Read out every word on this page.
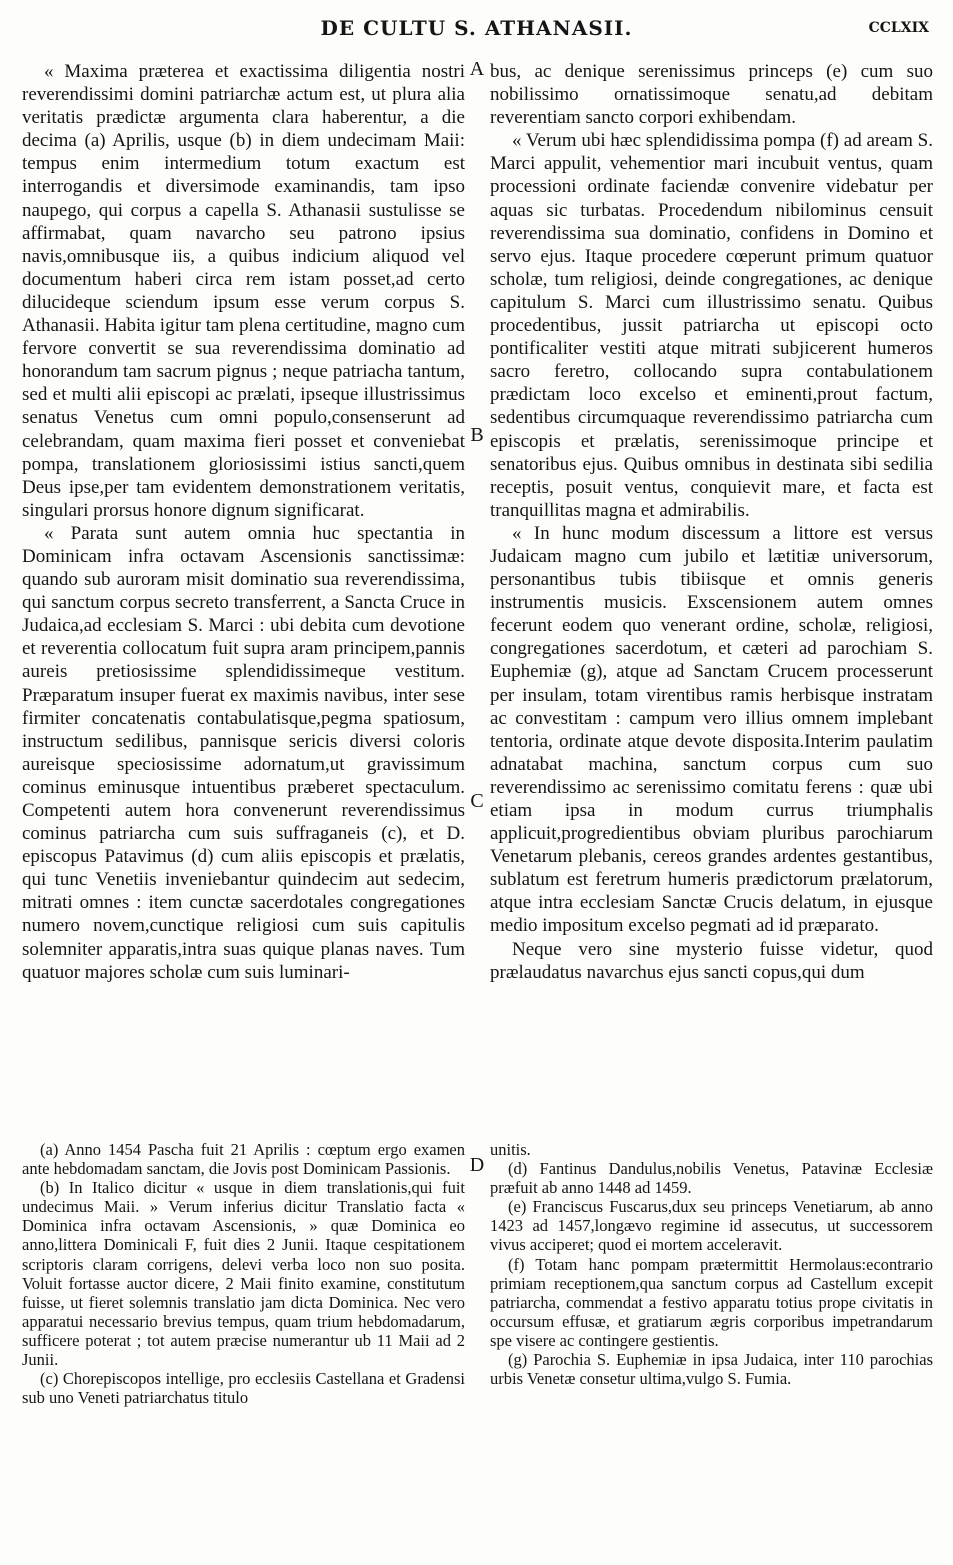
DE CULTU S. ATHANASII.	CCLXIX

« Maxima præterea et exactissima diligentia nostri reverendissimi domini patriarchæ actum est, ut plura alia veritatis prædictæ argumenta clara haberentur, a die decima (a) Aprilis, usque (b) in diem undecimam Maii: tempus enim intermedium totum exactum est interrogandis et diversimode examinandis, tam ipso naupego, qui corpus a capella S. Athanasii sustulisse se affirmabat, quam navarcho seu patrono ipsius navis,omnibusque iis, a quibus indicium aliquod vel documentum haberi circa rem istam posset,ad certo dilucideque sciendum ipsum esse verum corpus S. Athanasii. Habita igitur tam plena certitudine, magno cum fervore convertit se sua reverendissima dominatio ad honorandum tam sacrum pignus ; neque patriacha tantum, sed et multi alii episcopi ac prælati, ipseque illustrissimus senatus Venetus cum omni populo,consenserunt ad celebrandam, quam maxima fieri posset et conveniebat pompa, translationem gloriosissimi istius sancti,quem Deus ipse,per tam evidentem demonstrationem veritatis, singulari prorsus honore dignum significarat.

« Parata sunt autem omnia huc spectantia in Dominicam infra octavam Ascensionis sanctissimæ: quando sub auroram misit dominatio sua reverendissima, qui sanctum corpus secreto transferrent, a Sancta Cruce in Judaica,ad ecclesiam S. Marci : ubi debita cum devotione et reverentia collocatum fuit supra aram principem,pannis aureis pretiosissime splendidissimeque vestitum. Præparatum insuper fuerat ex maximis navibus, inter sese firmiter concatenatis contabulatisque,pegma spatiosum, instructum sedilibus, pannisque sericis diversi coloris aureisque speciosissime adornatum,ut gravissimum cominus eminusque intuentibus præberet spectaculum. Competenti autem hora convenerunt reverendissimus cominus patriarcha cum suis suffraganeis (c), et D. episcopus Patavimus (d) cum aliis episcopis et prælatis, qui tunc Venetiis inveniebantur quindecim aut sedecim, mitrati omnes : item cunctæ sacerdotales congregationes numero novem,cunctique religiosi cum suis capitulis solemniter apparatis,intra suas quique planas naves. Tum quatuor majores scholæ cum suis luminari-

bus, ac denique serenissimus princeps (e) cum suo nobilissimo ornatissimoque senatu,ad debitam reverentiam sancto corpori exhibendam.

« Verum ubi hæc splendidissima pompa (f) ad aream S. Marci appulit, vehementior mari incubuit ventus, quam processioni ordinate faciendæ convenire videbatur per aquas sic turbatas. Procedendum nibilominus censuit reverendissima sua dominatio, confidens in Domino et servo ejus. Itaque procedere cœperunt primum quatuor scholæ, tum religiosi, deinde congregationes, ac denique capitulum S. Marci cum illustrissimo senatu. Quibus procedentibus, jussit patriarcha ut episcopi octo pontificaliter vestiti atque mitrati subjicerent humeros sacro feretro, collocando supra contabulationem prædictam loco excelso et eminenti,prout factum, sedentibus circumquaque reverendissimo patriarcha cum episcopis et prælatis, serenissimoque principe et senatoribus ejus. Quibus omnibus in destinata sibi sedilia receptis, posuit ventus, conquievit mare, et facta est tranquillitas magna et admirabilis.

« In hunc modum discessum a littore est versus Judaicam magno cum jubilo et lætitiæ universorum, personantibus tubis tibiisque et omnis generis instrumentis musicis. Exscensionem autem omnes fecerunt eodem quo venerant ordine, scholæ, religiosi, congregationes sacerdotum, et cæteri ad parochiam S. Euphemiæ (g), atque ad Sanctam Crucem processerunt per insulam, totam virentibus ramis herbisque instratam ac convestitam : campum vero illius omnem implebant tentoria, ordinate atque devote disposita.Interim paulatim adnatabat machina, sanctum corpus cum suo reverendissimo ac serenissimo comitatu ferens : quæ ubi etiam ipsa in modum currus triumphalis applicuit,progredientibus obviam pluribus parochiarum Venetarum plebanis, cereos grandes ardentes gestantibus, sublatum est feretrum humeris prædictorum prælatorum, atque intra ecclesiam Sanctæ Crucis delatum, in ejusque medio impositum excelso pegmati ad id præparato.

Neque vero sine mysterio fuisse videtur, quod prælaudatus navarchus ejus sancti copus,qui dum

A
B
C
D

(a) Anno 1454 Pascha fuit 21 Aprilis : cœptum ergo examen ante hebdomadam sanctam, die Jovis post Dominicam Passionis.

(b) In Italico dicitur « usque in diem translationis,qui fuit undecimus Maii. » Verum inferius dicitur Translatio facta « Dominica infra octavam Ascensionis, » quæ Dominica eo anno,littera Dominicali F, fuit dies 2 Junii. Itaque cespitationem scriptoris claram corrigens, delevi verba loco non suo posita. Voluit fortasse auctor dicere, 2 Maii finito examine, constitutum fuisse, ut fieret solemnis translatio jam dicta Dominica. Nec vero apparatui necessario brevius tempus, quam trium hebdomadarum, sufficere poterat ; tot autem præcise numerantur ub 11 Maii ad 2 Junii.

(c) Chorepiscopos intellige, pro ecclesiis Castellana et Gradensi sub uno Veneti patriarchatus titulo

unitis.

(d) Fantinus Dandulus,nobilis Venetus, Patavinæ Ecclesiæ præfuit ab anno 1448 ad 1459.

(e) Franciscus Fuscarus,dux seu princeps Venetiarum, ab anno 1423 ad 1457,longævo regimine id assecutus, ut successorem vivus acciperet; quod ei mortem acceleravit.

(f) Totam hanc pompam prætermittit Hermolaus:econtrario primiam receptionem,qua sanctum corpus ad Castellum excepit patriarcha, commendat a festivo apparatu totius prope civitatis in occursum effusæ, et gratiarum ægris corporibus impetrandarum spe visere ac contingere gestientis.

(g) Parochia S. Euphemiæ in ipsa Judaica, inter 110 parochias urbis Venetæ consetur ultima,vulgo S. Fumia.
